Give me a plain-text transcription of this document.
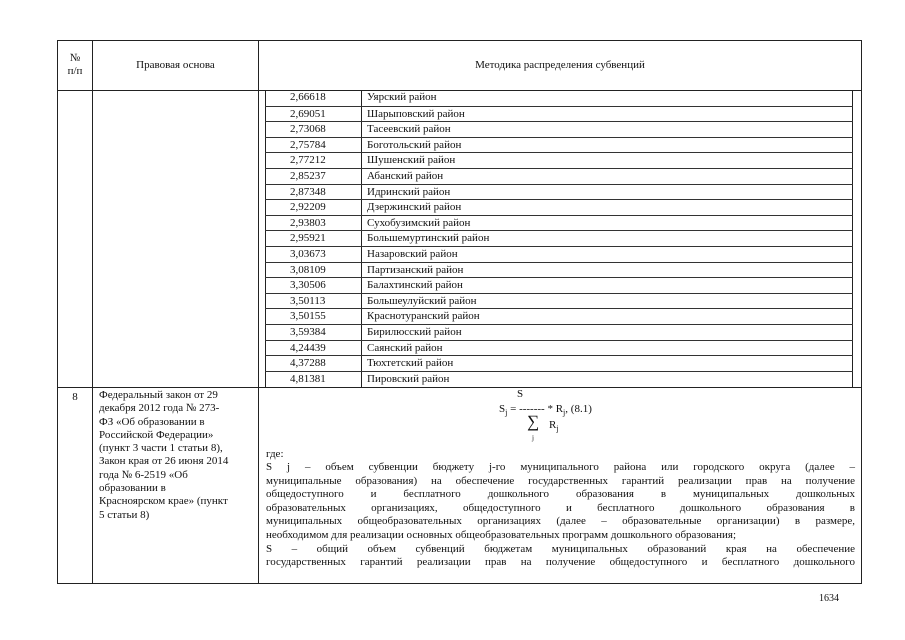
№
п/п	Правовая основа	Методика распределения субвенций
2,66618	Уярский район
2,69051	Шарыповский район
2,73068	Тасеевский район
2,75784	Боготольский район
2,77212	Шушенский район
2,85237	Абанский район
2,87348	Идринский район
2,92209	Дзержинский район
2,93803	Сухобузимский район
2,95921	Большемуртинский район
3,03673	Назаровский район
3,08109	Партизанский район
3,30506	Балахтинский район
3,50113	Большеулуйский район
3,50155	Краснотуранский район
3,59384	Бирилюсский район
4,24439	Саянский район
4,37288	Тюхтетский район
4,81381	Пировский район
8	Федеральный закон от 29
декабря 2012 года № 273-
ФЗ «Об образовании в
Российской Федерации»
(пункт 3 части 1 статьи 8),
Закон края от 26 июня 2014
года № 6-2519 «Об
образовании в
Красноярском крае» (пункт
5 статьи 8)
S
$S_j$ = ------- * $R_j$, (8.1)
∑
j
$R_j$
где:
S j – объем субвенции бюджету j-го муниципального района или городского округа (далее –
муниципальные образования) на обеспечение государственных гарантий реализации прав на получение
общедоступного и бесплатного дошкольного образования в муниципальных дошкольных
образовательных организациях, общедоступного и бесплатного дошкольного образования в
муниципальных общеобразовательных организациях (далее – образовательные организации) в размере,
необходимом для реализации основных общеобразовательных программ дошкольного образования;
S – общий объем субвенций бюджетам муниципальных образований края на обеспечение
государственных гарантий реализации прав на получение общедоступного и бесплатного дошкольного
1634
